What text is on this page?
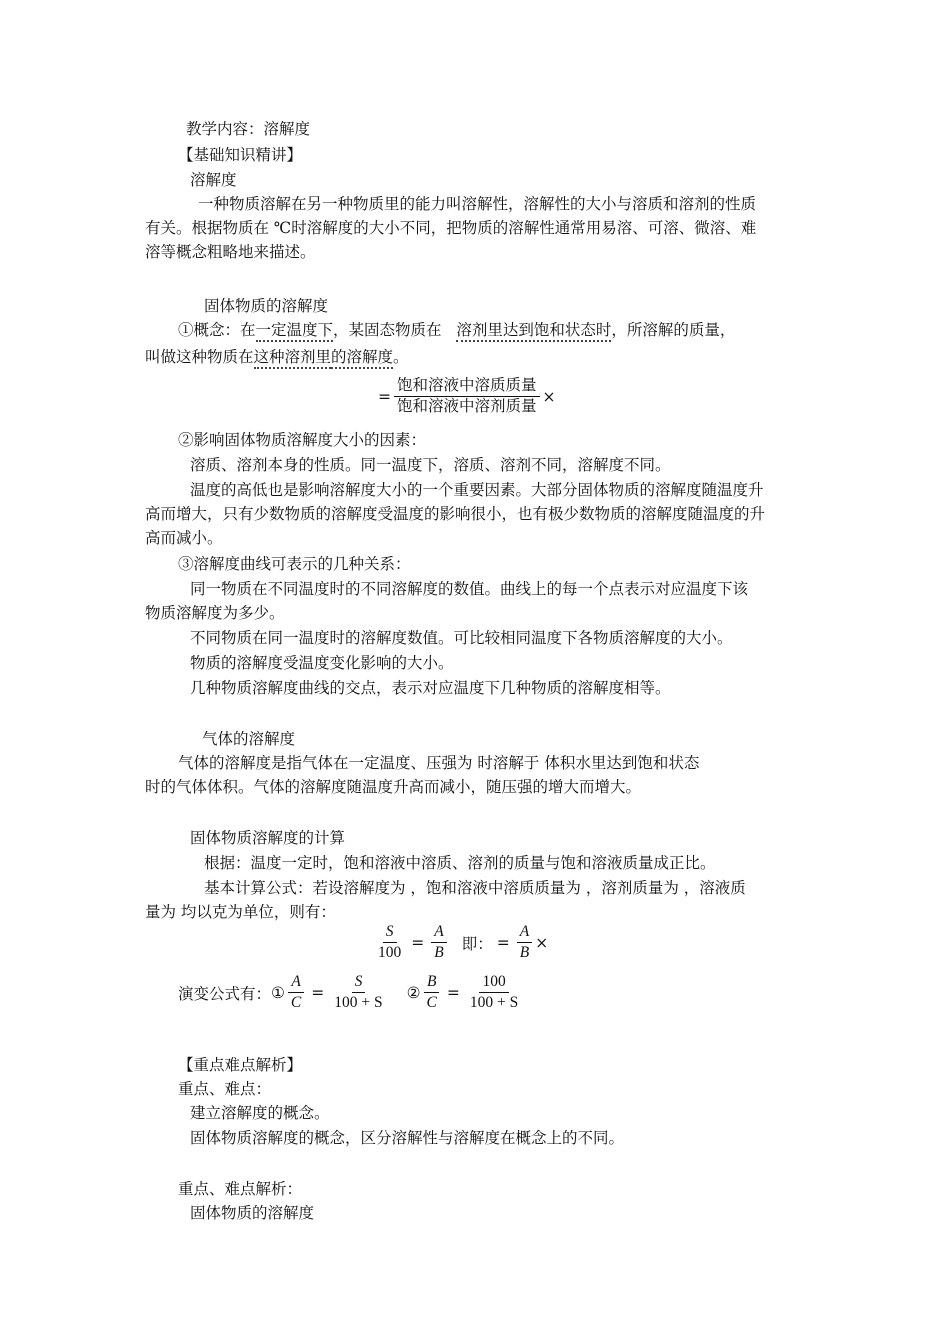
教学内容：溶解度
【基础知识精讲】
溶解度
一种物质溶解在另一种物质里的能力叫溶解性，溶解性的大小与溶质和溶剂的性质
有关。根据物质在 ℃时溶解度的大小不同，把物质的溶解性通常用易溶、可溶、微溶、难
溶等概念粗略地来描述。
固体物质的溶解度
①概念：在一定温度下，某固态物质在 溶剂里达到饱和状态时，所溶解的质量，
叫做这种物质在这种溶剂里的溶解度。
= $\frac{\text{饱和溶液中溶质质量}}{\text{饱和溶液中溶剂质量}}$ ×
②影响固体物质溶解度大小的因素：
溶质、溶剂本身的性质。同一温度下，溶质、溶剂不同，溶解度不同。
温度的高低也是影响溶解度大小的一个重要因素。大部分固体物质的溶解度随温度升
高而增大，只有少数物质的溶解度受温度的影响很小，也有极少数物质的溶解度随温度的升
高而减小。
③溶解度曲线可表示的几种关系：
同一物质在不同温度时的不同溶解度的数值。曲线上的每一个点表示对应温度下该
物质溶解度为多少。
不同物质在同一温度时的溶解度数值。可比较相同温度下各物质溶解度的大小。
物质的溶解度受温度变化影响的大小。
几种物质溶解度曲线的交点，表示对应温度下几种物质的溶解度相等。
气体的溶解度
气体的溶解度是指气体在一定温度、压强为 时溶解于 体积水里达到饱和状态
时的气体体积。气体的溶解度随温度升高而减小，随压强的增大而增大。
固体物质溶解度的计算
根据：温度一定时，饱和溶液中溶质、溶剂的质量与饱和溶液质量成正比。
基本计算公式：若设溶解度为 ，饱和溶液中溶质质量为 ，溶剂质量为 ，溶液质
量为 均以克为单位，则有：
$\frac{S}{100} = \frac{A}{B}$ 即： = $\frac{A}{B}$ ×
演变公式有： ① $\frac{A}{C} = \frac{S}{100 + S}$ ② $\frac{B}{C} = \frac{100}{100 + S}$
【重点难点解析】
重点、难点：
建立溶解度的概念。
固体物质溶解度的概念，区分溶解性与溶解度在概念上的不同。
重点、难点解析：
固体物质的溶解度
